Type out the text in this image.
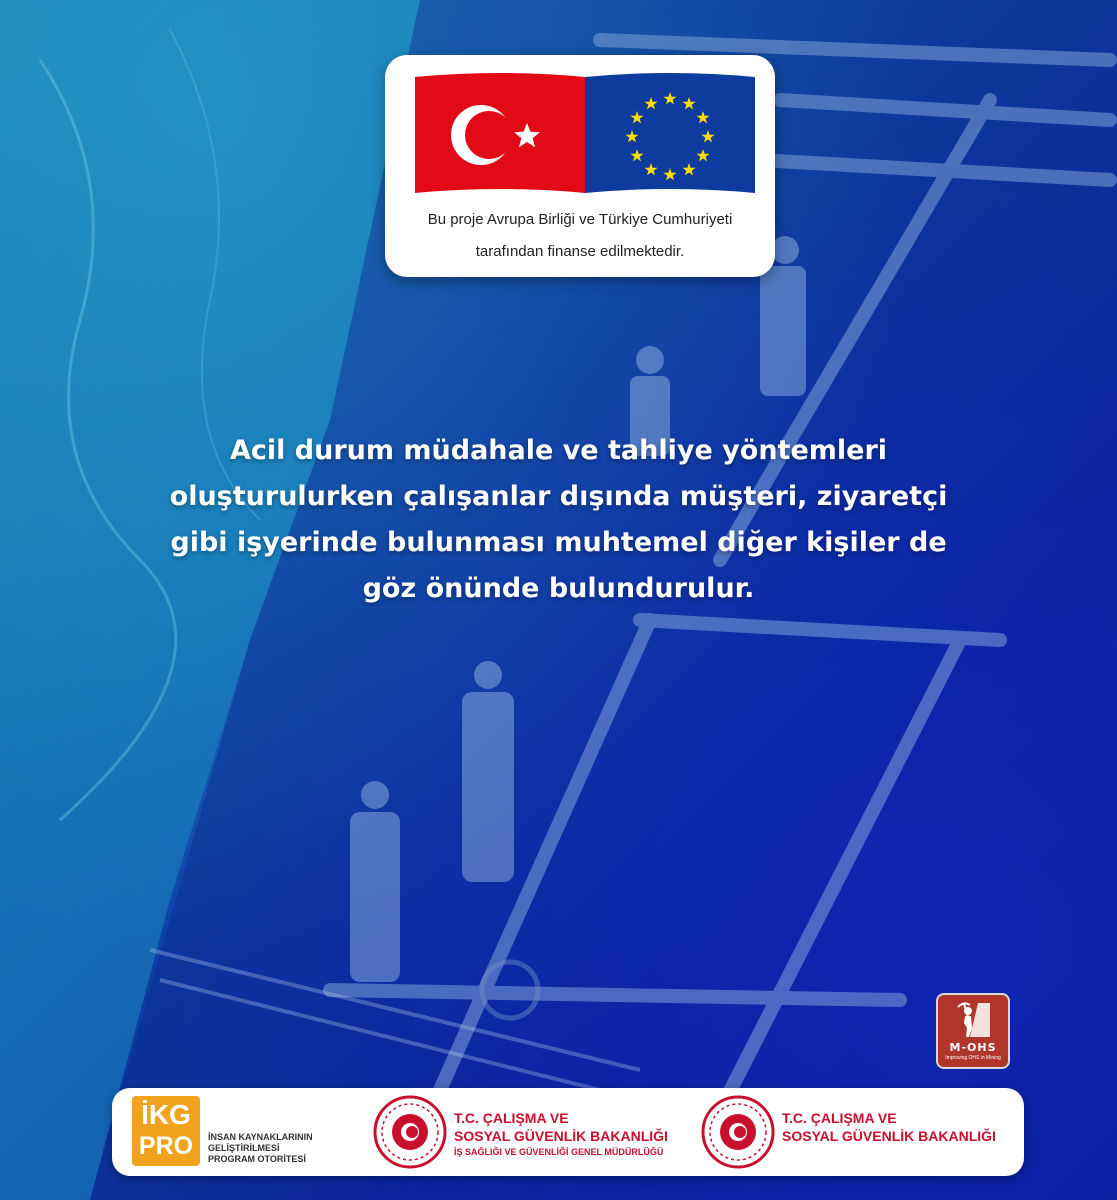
Bu proje Avrupa Birliği ve Türkiye Cumhuriyeti
tarafından finanse edilmektedir.
Acil durum müdahale ve tahliye yöntemleri
oluşturulurken çalışanlar dışında müşteri, ziyaretçi
gibi işyerinde bulunması muhtemel diğer kişiler de
göz önünde bulundurulur.
M-OHS
Improving OHS in Mining
İKG
PRO	İNSAN KAYNAKLARININ
GELİŞTİRİLMESİ
PROGRAM OTORİTESİ
T.C. ÇALIŞMA VE
SOSYAL GÜVENLİK BAKANLIĞI
İŞ SAĞLIĞI VE GÜVENLİĞİ GENEL MÜDÜRLÜĞÜ
T.C. ÇALIŞMA VE
SOSYAL GÜVENLİK BAKANLIĞI
